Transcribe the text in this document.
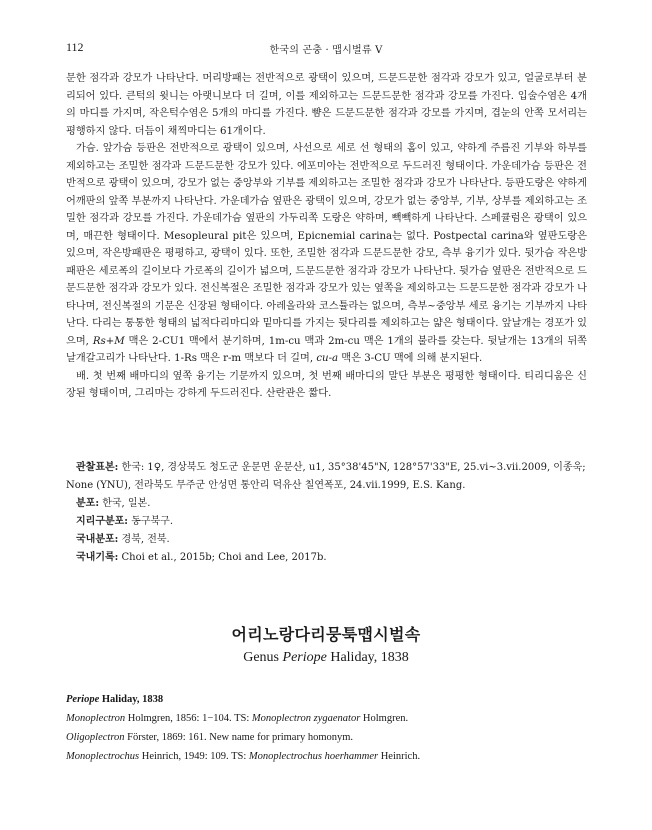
112	한국의 곤충 · 맵시벌류 V

문한 점각과 강모가 나타난다. 머리방패는 전반적으로 광택이 있으며, 드문드문한 점각과 강모가 있고, 얼굴로부터 분리되어 있다. 큰턱의 윗니는 아랫니보다 더 길며, 이를 제외하고는 드문드문한 점각과 강모를 가진다. 입술수염은 4개의 마디를 가지며, 작은턱수염은 5개의 마디를 가진다. 뺨은 드문드문한 점각과 강모를 가지며, 겹눈의 안쪽 모서리는 평행하지 않다. 더듬이 채찍마디는 61개이다.

가슴. 앞가슴 등판은 전반적으로 광택이 있으며, 사선으로 세로 선 형태의 홈이 있고, 약하게 주름진 기부와 하부를 제외하고는 조밀한 점각과 드문드문한 강모가 있다. 에포미아는 전반적으로 두드러진 형태이다. 가운데가슴 등판은 전반적으로 광택이 있으며, 강모가 없는 중앙부와 기부를 제외하고는 조밀한 점각과 강모가 나타난다. 등판도랑은 약하게 어깨판의 앞쪽 부분까지 나타난다. 가운데가슴 옆판은 광택이 있으며, 강모가 없는 중앙부, 기부, 상부를 제외하고는 조밀한 점각과 강모를 가진다. 가운데가슴 옆판의 가두리쪽 도랑은 약하며, 빽빽하게 나타난다. 스페큘럼은 광택이 있으며, 매끈한 형태이다. Mesopleural pit은 있으며, Epicnemial carina는 없다. Postpectal carina와 옆판도랑은 있으며, 작은방패판은 평평하고, 광택이 있다. 또한, 조밀한 점각과 드문드문한 강모, 측부 융기가 있다. 뒷가슴 작은방패판은 세로폭의 길이보다 가로폭의 길이가 넓으며, 드문드문한 점각과 강모가 나타난다. 뒷가슴 옆판은 전반적으로 드문드문한 점각과 강모가 있다. 전신복절은 조밀한 점각과 강모가 있는 옆쪽을 제외하고는 드문드문한 점각과 강모가 나타나며, 전신복절의 기문은 신장된 형태이다. 아레올라와 코스튤라는 없으며, 측부~중앙부 세로 융기는 기부까지 나타난다. 다리는 통통한 형태의 넓적다리마디와 밑마디를 가지는 뒷다리를 제외하고는 얇은 형태이다. 앞날개는 경포가 있으며, Rs+M 맥은 2-CU1 맥에서 분기하며, 1m-cu 맥과 2m-cu 맥은 1개의 불라를 갖는다. 뒷날개는 13개의 뒤쪽 날개갈고리가 나타난다. 1-Rs 맥은 r-m 맥보다 더 길며, cu-a 맥은 3-CU 맥에 의해 분지된다.

배. 첫 번째 배마디의 옆쪽 융기는 기문까지 있으며, 첫 번째 배마디의 말단 부분은 평평한 형태이다. 티리디움은 신장된 형태이며, 그리마는 강하게 두드러진다. 산란관은 짧다.

관찰표본: 한국: 1♀, 경상북도 청도군 운문면 운문산, u1, 35°38'45"N, 128°57'33"E, 25.vi~3.vii.2009, 이종욱; None (YNU), 전라북도 무주군 안성면 통안리 덕유산 칠연폭포, 24.vii.1999, E.S. Kang.

분포: 한국, 일본.

지리구분포: 동구북구.

국내분포: 경북, 전북.

국내기록: Choi et al., 2015b; Choi and Lee, 2017b.

어리노랑다리뭉툭맵시벌속
Genus Periope Haliday, 1838

Periope Haliday, 1838

Monoplectron Holmgren, 1856: 1−104. TS: Monoplectron zygaenator Holmgren.

Oligoplectron Förster, 1869: 161. New name for primary homonym.

Monoplectrochus Heinrich, 1949: 109. TS: Monoplectrochus hoerhammer Heinrich.
